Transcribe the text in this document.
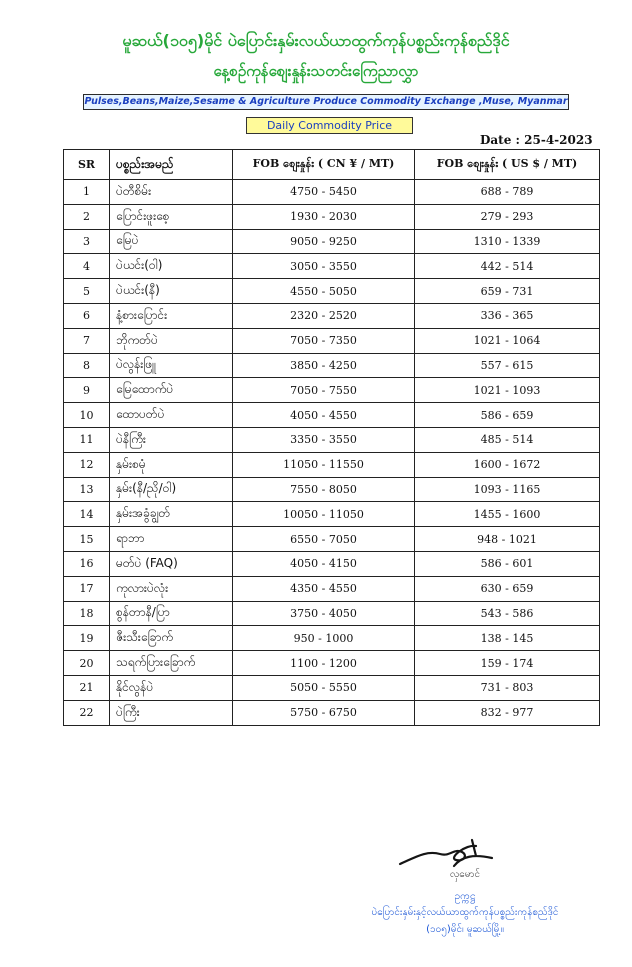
မူဆယ်(၁၀၅)မိုင် ပဲပြောင်းနှမ်းလယ်ယာထွက်ကုန်ပစ္စည်းကုန်စည်ဒိုင်
နေ့စဉ်ကုန်စျေးနှုန်းသတင်းကြေညာလွှာ
Pulses,Beans,Maize,Sesame & Agriculture Produce Commodity Exchange ,Muse, Myanmar
Daily Commodity Price
Date : 25-4-2023
SR	ပစ္စည်းအမည်	FOB စျေးနှုန်း ( CN ¥ / MT)	FOB စျေးနှုန်း ( US $ / MT)
1	ပဲတီစိမ်း	4750 - 5450	688 - 789
2	ပြောင်းဖူးစေ့	1930 - 2030	279 - 293
3	မြေပဲ	9050 - 9250	1310 - 1339
4	ပဲယင်း(ဝါ)	3050 - 3550	442 - 514
5	ပဲယင်း(နီ)	4550 - 5050	659 - 731
6	နံ့စားပြောင်း	2320 - 2520	336 - 365
7	ဘိုကတ်ပဲ	7050 - 7350	1021 - 1064
8	ပဲလွန်းဖြူ	3850 - 4250	557 - 615
9	မြေထောက်ပဲ	7050 - 7550	1021 - 1093
10	ထောပတ်ပဲ	4050 - 4550	586 - 659
11	ပဲနီကြီး	3350 - 3550	485 - 514
12	နှမ်းစမုံ	11050 - 11550	1600 - 1672
13	နှမ်း(နီ/ညို/ဝါ)	7550 - 8050	1093 - 1165
14	နှမ်းအခွံချွတ်	10050 - 11050	1455 - 1600
15	ရာဘာ	6550 - 7050	948 - 1021
16	မတ်ပဲ (FAQ)	4050 - 4150	586 - 601
17	ကုလားပဲလုံး	4350 - 4550	630 - 659
18	စွန်တာနီ/ပြာ	3750 - 4050	543 - 586
19	ဇီးသီးခြောက်	950 - 1000	138 - 145
20	သရက်ပြားခြောက်	1100 - 1200	159 - 174
21	နိုင်လွန်ပဲ	5050 - 5550	731 - 803
22	ပဲကြီး	5750 - 6750	832 - 977
လှမောင်
ဥက္ကဋ္ဌ
ပဲပြောင်းနှမ်းနှင့်လယ်ယာထွက်ကုန်ပစ္စည်းကုန်စည်ဒိုင်
(၁၀၅)မိုင်၊ မူဆယ်မြို့။
